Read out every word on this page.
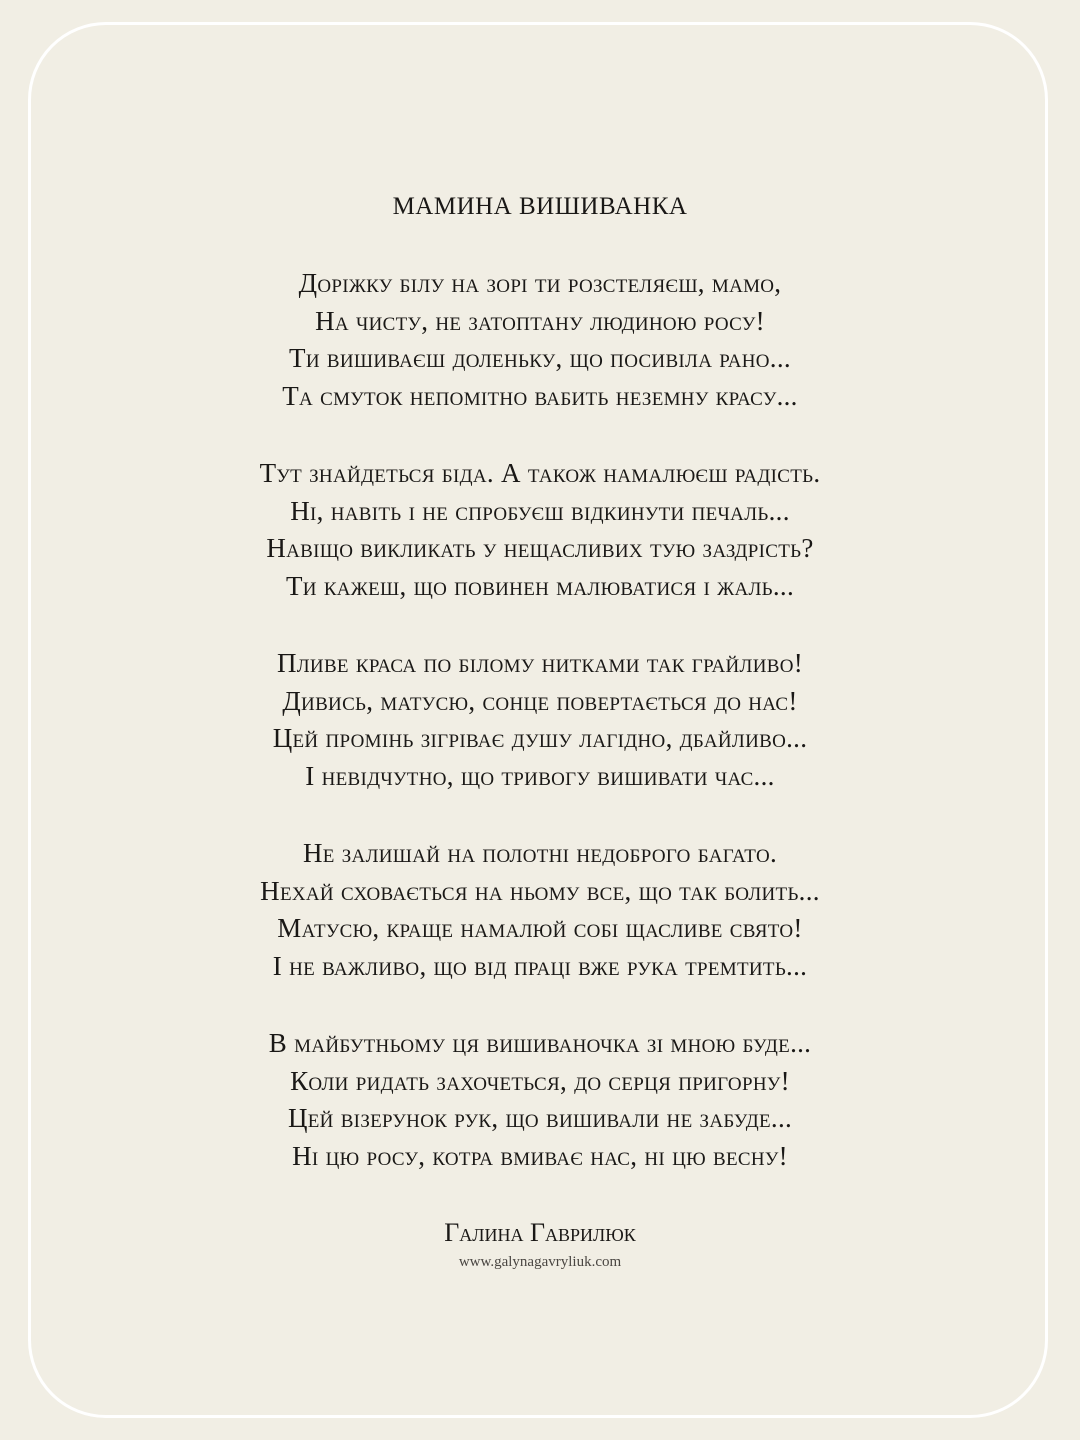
МАМИНА ВИШИВАНКА
Доріжку білу на зорі ти розстеляєш, мамо,
На чисту, не затоптану людиною росу!
Ти вишиваєш доленьку, що посивіла рано...
Та смуток непомітно вабить неземну красу...
Тут знайдеться біда. А також намалюєш радість.
Ні, навіть і не спробуєш відкинути печаль...
Навіщо викликать у нещасливих тую заздрість?
Ти кажеш, що повинен малюватися і жаль...
Пливе краса по білому нитками так грайливо!
Дивись, матусю, сонце повертається до нас!
Цей промінь зігріває душу лагідно, дбайливо...
І невідчутно, що тривогу вишивати час...
Не залишай на полотні недоброго багато.
Нехай сховається на ньому все, що так болить...
Матусю, краще намалюй собі щасливе свято!
І не важливо, що від праці вже рука тремтить...
В майбутньому ця вишиваночка зі мною буде...
Коли ридать захочеться, до серця пригорну!
Цей візерунок рук, що вишивали не забуде...
Ні цю росу, котра вмиває нас, ні цю весну!
Галина Гаврилюк
www.galynagavryliuk.com
